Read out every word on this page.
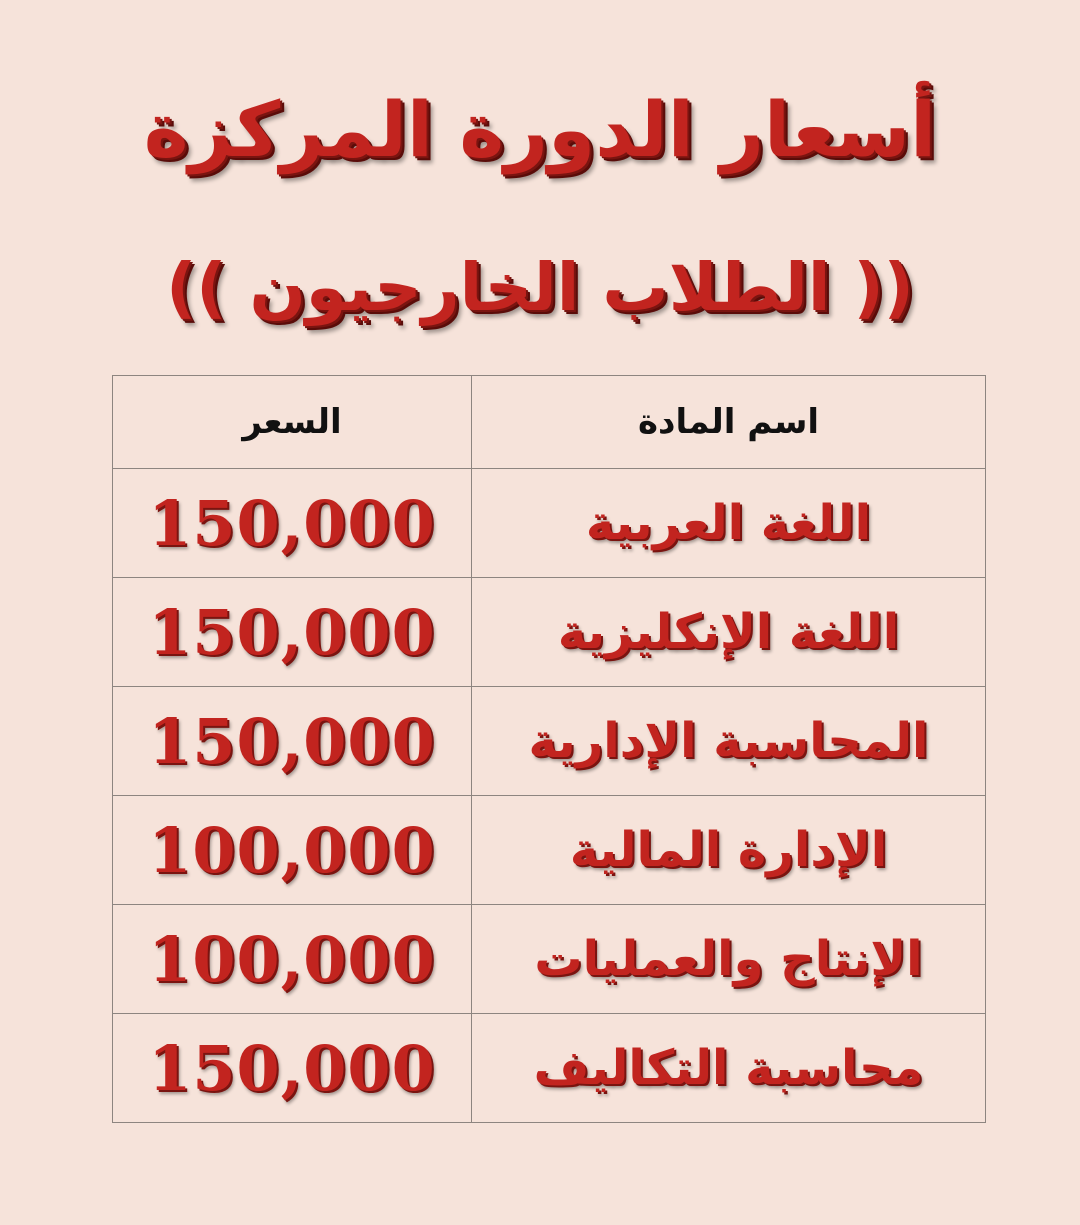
أسعار الدورة المركزة
(( الطلاب الخارجيون ))
اسم المادة	السعر
اللغة العربية	150,000
اللغة الإنكليزية	150,000
المحاسبة الإدارية	150,000
الإدارة المالية	100,000
الإنتاج والعمليات	100,000
محاسبة التكاليف	150,000
